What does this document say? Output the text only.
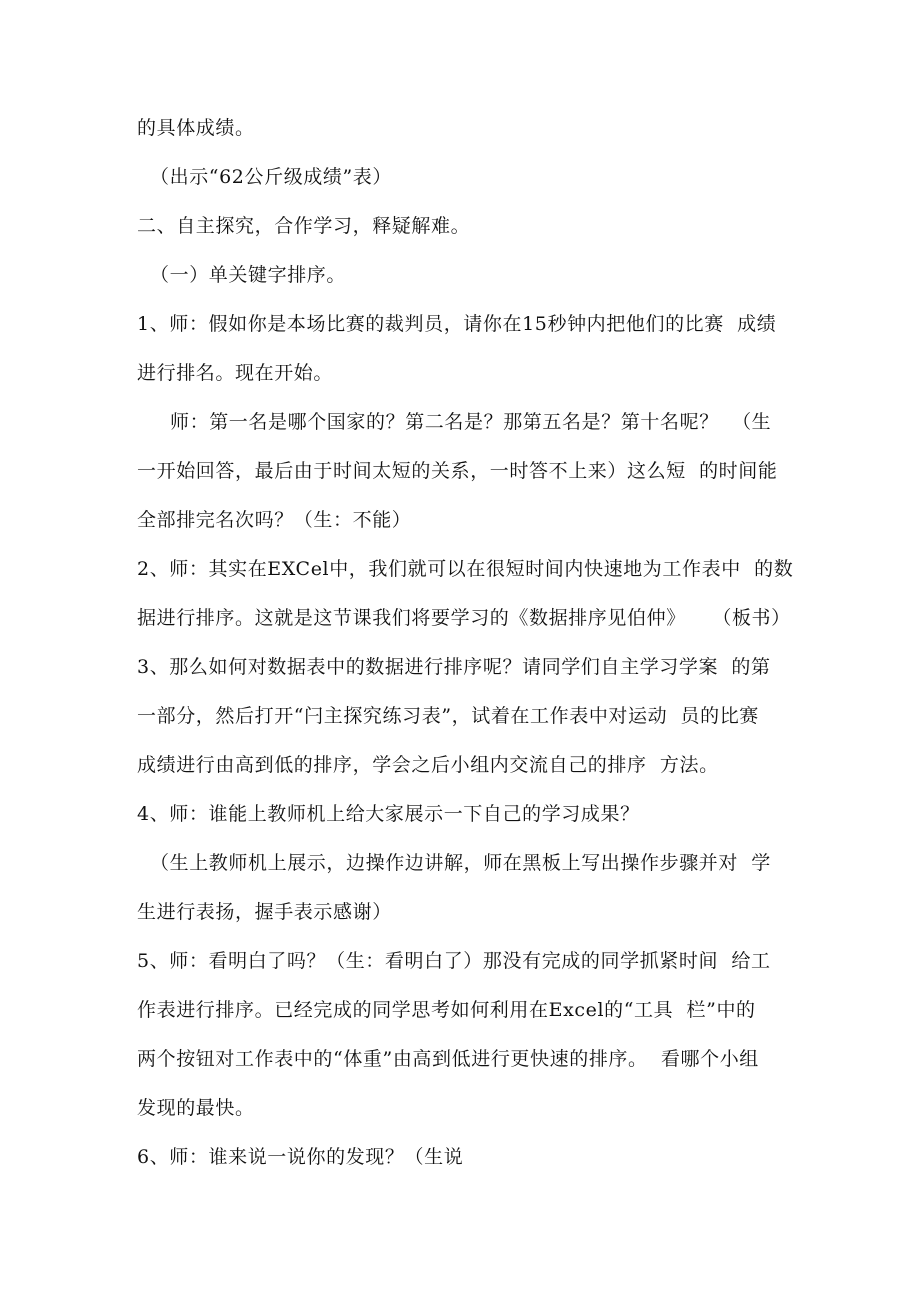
的具体成绩。
（出示“62公斤级成绩”表）
二、自主探究，合作学习，释疑解难。
（一）单关键字排序。
1、师：假如你是本场比赛的裁判员，请你在15秒钟内把他们的比赛  成绩
进行排名。现在开始。
师：第一名是哪个国家的？第二名是？那第五名是？第十名呢？  （生
一开始回答，最后由于时间太短的关系，一时答不上来）这么短  的时间能
全部排完名次吗？（生：不能）
2、师：其实在EXCel中，我们就可以在很短时间内快速地为工作表中  的数
据进行排序。这就是这节课我们将要学习的《数据排序见伯仲》    （板书）
3、那么如何对数据表中的数据进行排序呢？请同学们自主学习学案  的第
一部分，然后打开“闩主探究练习表”，试着在工作表中对运动  员的比赛
成绩进行由高到低的排序，学会之后小组内交流自己的排序  方法。
4、师：谁能上教师机上给大家展示一下自己的学习成果？
（生上教师机上展示，边操作边讲解，师在黑板上写出操作步骤并对  学
生进行表扬，握手表示感谢）
5、师：看明白了吗？（生：看明白了）那没有完成的同学抓紧时间  给工
作表进行排序。已经完成的同学思考如何利用在Excel的“工具  栏”中的
两个按钮对工作表中的“体重”由高到低进行更快速的排序。  看哪个小组
发现的最快。
6、师：谁来说一说你的发现？（生说
